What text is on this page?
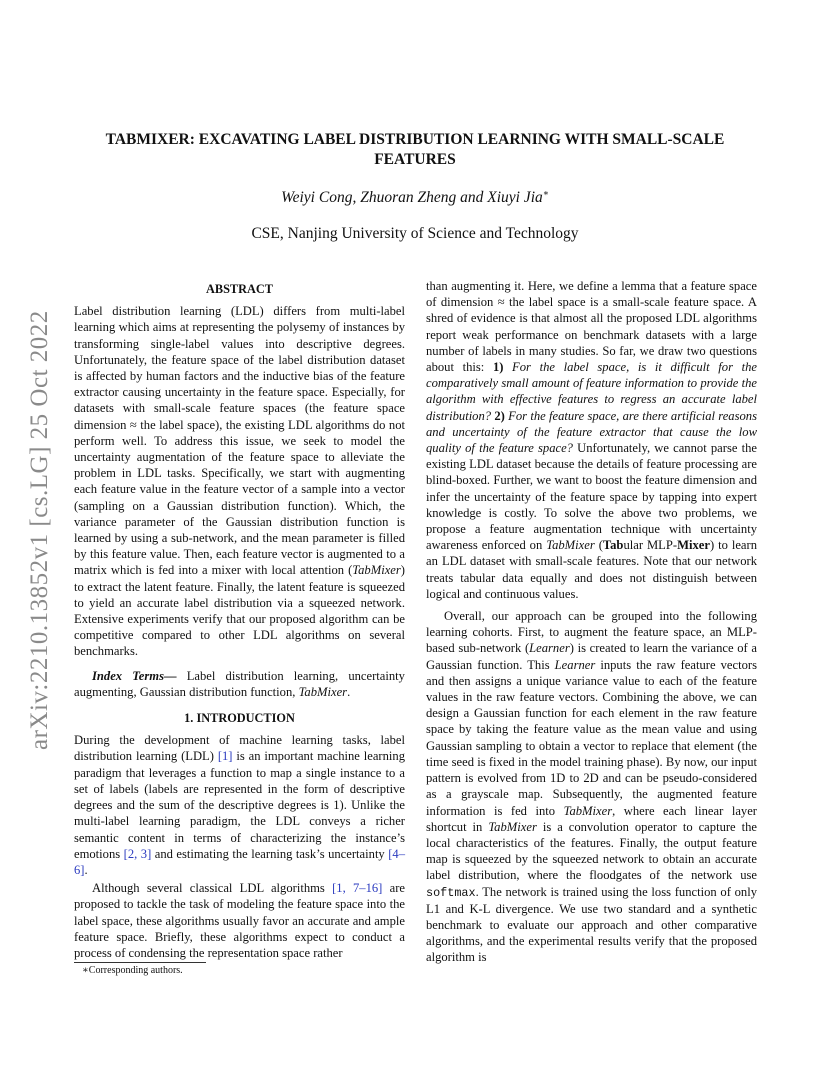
arXiv:2210.13852v1 [cs.LG] 25 Oct 2022
TABMIXER: EXCAVATING LABEL DISTRIBUTION LEARNING WITH SMALL-SCALE
FEATURES
Weiyi Cong, Zhuoran Zheng and Xiuyi Jia∗
CSE, Nanjing University of Science and Technology
ABSTRACT

Label distribution learning (LDL) differs from multi-label learning which aims at representing the polysemy of instances by transforming single-label values into descriptive degrees. Unfortunately, the feature space of the label distribution dataset is affected by human factors and the inductive bias of the feature extractor causing uncertainty in the feature space. Especially, for datasets with small-scale feature spaces (the feature space dimension ≈ the label space), the existing LDL algorithms do not perform well. To address this issue, we seek to model the uncertainty augmentation of the feature space to alleviate the problem in LDL tasks. Specifically, we start with augmenting each feature value in the feature vector of a sample into a vector (sampling on a Gaussian distribution function). Which, the variance parameter of the Gaussian distribution function is learned by using a sub-network, and the mean parameter is filled by this feature value. Then, each feature vector is augmented to a matrix which is fed into a mixer with local attention (TabMixer) to extract the latent feature. Finally, the latent feature is squeezed to yield an accurate label distribution via a squeezed network. Extensive experiments verify that our proposed algorithm can be competitive compared to other LDL algorithms on several benchmarks.

Index Terms— Label distribution learning, uncertainty augmenting, Gaussian distribution function, TabMixer.

1. INTRODUCTION

During the development of machine learning tasks, label distribution learning (LDL) [1] is an important machine learning paradigm that leverages a function to map a single instance to a set of labels (labels are represented in the form of descriptive degrees and the sum of the descriptive degrees is 1). Unlike the multi-label learning paradigm, the LDL conveys a richer semantic content in terms of characterizing the instance’s emotions [2, 3] and estimating the learning task’s uncertainty [4–6].

Although several classical LDL algorithms [1, 7–16] are proposed to tackle the task of modeling the feature space into the label space, these algorithms usually favor an accurate and ample feature space. Briefly, these algorithms expect to conduct a process of condensing the representation space rather

than augmenting it. Here, we define a lemma that a feature space of dimension ≈ the label space is a small-scale feature space. A shred of evidence is that almost all the proposed LDL algorithms report weak performance on benchmark datasets with a large number of labels in many studies. So far, we draw two questions about this: 1) For the label space, is it difficult for the comparatively small amount of feature information to provide the algorithm with effective features to regress an accurate label distribution? 2) For the feature space, are there artificial reasons and uncertainty of the feature extractor that cause the low quality of the feature space? Unfortunately, we cannot parse the existing LDL dataset because the details of feature processing are blind-boxed. Further, we want to boost the feature dimension and infer the uncertainty of the feature space by tapping into expert knowledge is costly. To solve the above two problems, we propose a feature augmentation technique with uncertainty awareness enforced on TabMixer (Tabular MLP-Mixer) to learn an LDL dataset with small-scale features. Note that our network treats tabular data equally and does not distinguish between logical and continuous values.

Overall, our approach can be grouped into the following learning cohorts. First, to augment the feature space, an MLP-based sub-network (Learner) is created to learn the variance of a Gaussian function. This Learner inputs the raw feature vectors and then assigns a unique variance value to each of the feature values in the raw feature vectors. Combining the above, we can design a Gaussian function for each element in the raw feature space by taking the feature value as the mean value and using Gaussian sampling to obtain a vector to replace that element (the time seed is fixed in the model training phase). By now, our input pattern is evolved from 1D to 2D and can be pseudo-considered as a grayscale map. Subsequently, the augmented feature information is fed into TabMixer, where each linear layer shortcut in TabMixer is a convolution operator to capture the local characteristics of the features. Finally, the output feature map is squeezed by the squeezed network to obtain an accurate label distribution, where the floodgates of the network use softmax. The network is trained using the loss function of only L1 and K-L divergence. We use two standard and a synthetic benchmark to evaluate our approach and other comparative algorithms, and the experimental results verify that the proposed algorithm is

∗Corresponding authors.
